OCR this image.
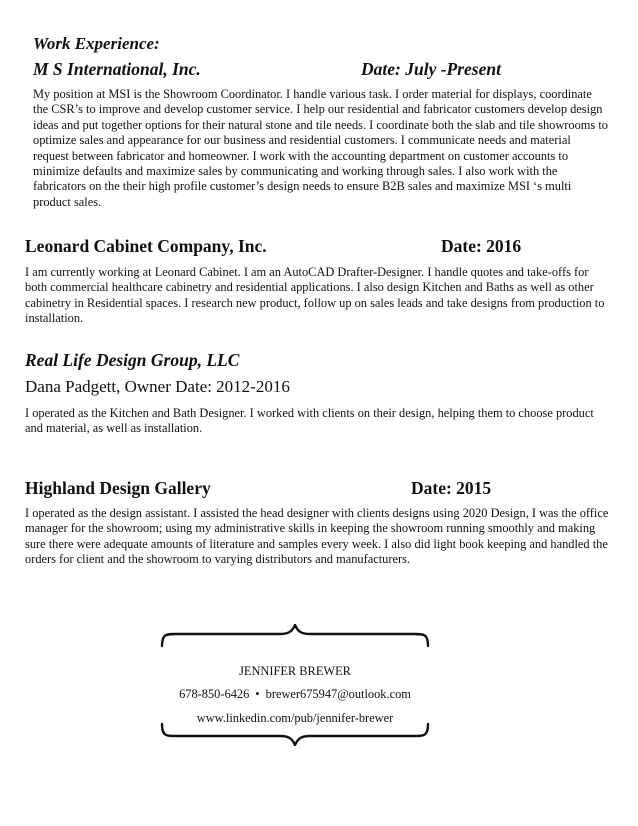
Work Experience:
M S International, Inc.	Date: July -Present

My position at MSI is the Showroom Coordinator. I handle various task. I order material for displays, coordinate the CSR’s to improve and develop customer service. I help our residential and fabricator customers develop design ideas and put together options for their natural stone and tile needs. I coordinate both the slab and tile showrooms to optimize sales and appearance for our business and residential customers. I communicate needs and material request between fabricator and homeowner. I work with the accounting department on customer accounts to minimize defaults and maximize sales by communicating and working through sales. I also work with the fabricators on the their high profile customer’s design needs to ensure B2B sales and maximize MSI ‘s multi product sales.

Leonard Cabinet Company, Inc.	Date: 2016

I am currently working at Leonard Cabinet. I am an AutoCAD Drafter-Designer. I handle quotes and take-offs for both commercial healthcare cabinetry and residential applications. I also design Kitchen and Baths as well as other cabinetry in Residential spaces. I research new product, follow up on sales leads and take designs from production to installation.

Real Life Design Group, LLC
Dana Padgett, Owner Date: 2012-2016

I operated as the Kitchen and Bath Designer. I worked with clients on their design, helping them to choose product and material, as well as installation.

Highland Design Gallery	Date: 2015

I operated as the design assistant. I assisted the head designer with clients designs using 2020 Design, I was the office manager for the showroom; using my administrative skills in keeping the showroom running smoothly and making sure there were adequate amounts of literature and samples every week. I also did light book keeping and handled the orders for client and the showroom to varying distributors and manufacturers.

JENNIFER BREWER
678-850-6426 • brewer675947@outlook.com
www.linkedin.com/pub/jennifer-brewer
